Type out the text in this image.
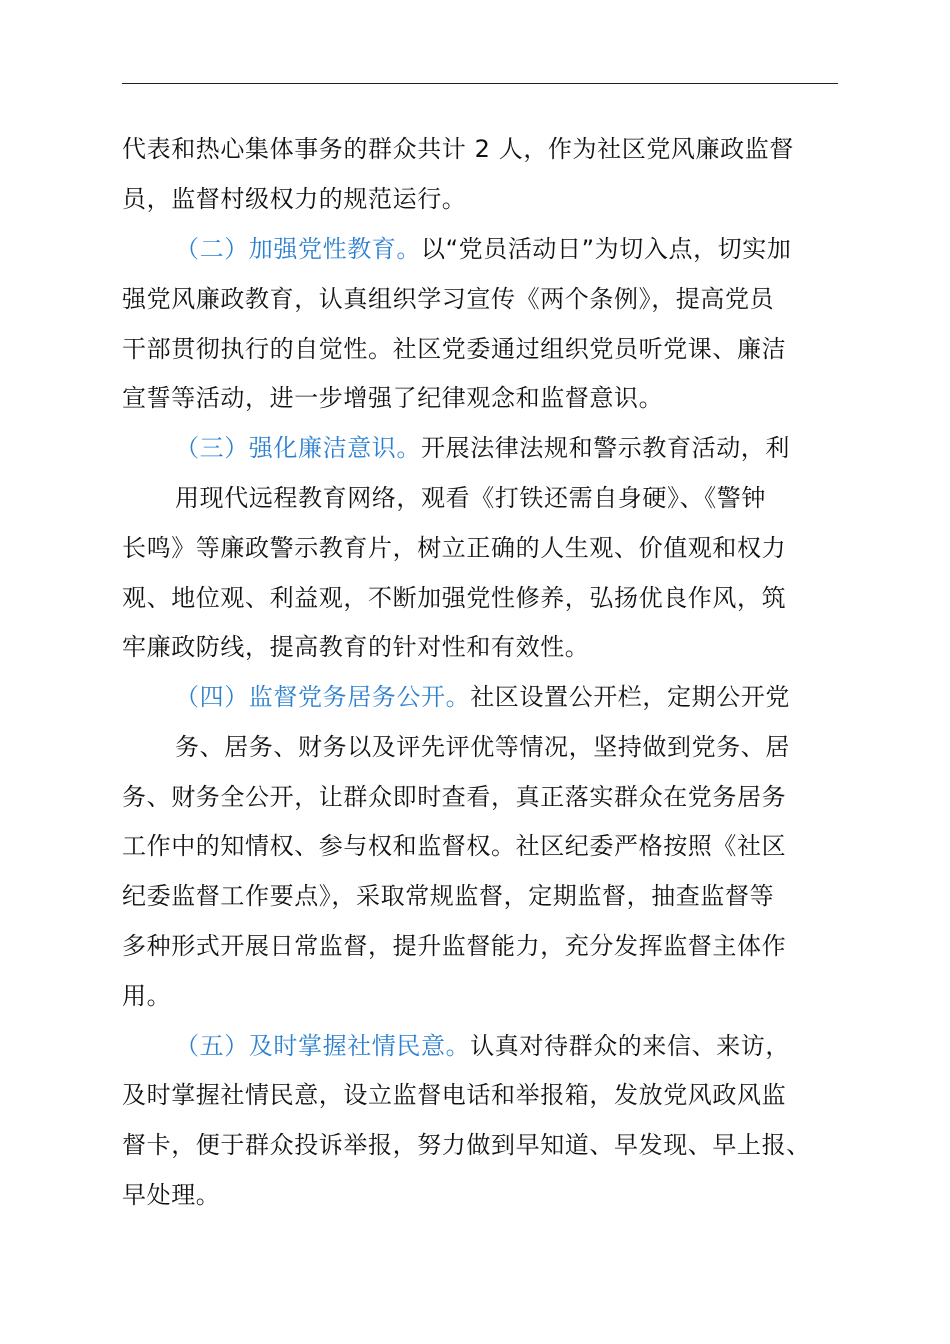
代表和热心集体事务的群众共计 2 人，作为社区党风廉政监督
员，监督村级权力的规范运行。
（二）加强党性教育。以“党员活动日”为切入点，切实加
强党风廉政教育，认真组织学习宣传《两个条例》，提高党员
干部贯彻执行的自觉性。社区党委通过组织党员听党课、廉洁
宣誓等活动，进一步增强了纪律观念和监督意识。
（三）强化廉洁意识。开展法律法规和警示教育活动，利
用现代远程教育网络，观看《打铁还需自身硬》、《警钟
长鸣》等廉政警示教育片，树立正确的人生观、价值观和权力
观、地位观、利益观，不断加强党性修养，弘扬优良作风，筑
牢廉政防线，提高教育的针对性和有效性。
（四）监督党务居务公开。社区设置公开栏，定期公开党
务、居务、财务以及评先评优等情况，坚持做到党务、居
务、财务全公开，让群众即时查看，真正落实群众在党务居务
工作中的知情权、参与权和监督权。社区纪委严格按照《社区
纪委监督工作要点》，采取常规监督，定期监督，抽查监督等
多种形式开展日常监督，提升监督能力，充分发挥监督主体作
用。
（五）及时掌握社情民意。认真对待群众的来信、来访，
及时掌握社情民意，设立监督电话和举报箱，发放党风政风监
督卡，便于群众投诉举报，努力做到早知道、早发现、早上报、
早处理。
